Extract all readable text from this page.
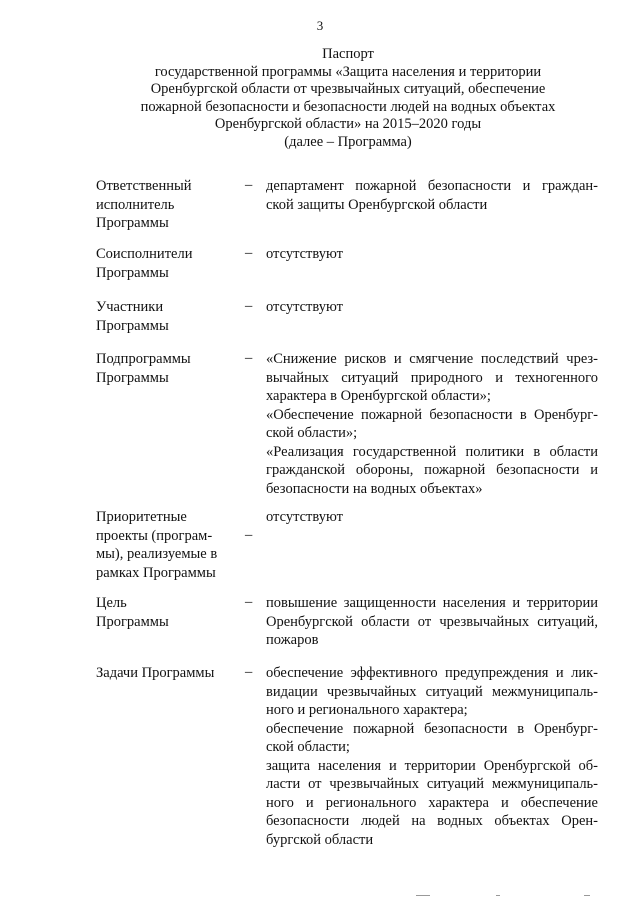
3
Паспорт
государственной программы «Защита населения и территории
Оренбургской области от чрезвычайных ситуаций, обеспечение
пожарной безопасности и безопасности людей на водных объектах
Оренбургской области» на 2015–2020 годы
(далее – Программа)
Ответственный
исполнитель
Программы
– департамент пожарной безопасности и граждан-
ской защиты Оренбургской области
Соисполнители
Программы
– отсутствуют
Участники
Программы
– отсутствуют
Подпрограммы
Программы
– «Снижение рисков и смягчение последствий чрез-
вычайных ситуаций природного и техногенного
характера в Оренбургской области»;
«Обеспечение пожарной безопасности в Оренбург-
ской области»;
«Реализация государственной политики в области
гражданской обороны, пожарной безопасности и
безопасности на водных объектах»
Приоритетные
проекты (програм-
мы), реализуемые в
рамках Программы
–
отсутствуют
Цель
Программы
– повышение защищенности населения и территории
Оренбургской области от чрезвычайных ситуаций,
пожаров
Задачи Программы	– обеспечение эффективного предупреждения и лик-
видации чрезвычайных ситуаций межмуниципаль-
ного и регионального характера;
обеспечение пожарной безопасности в Оренбург-
ской области;
защита населения и территории Оренбургской об-
ласти от чрезвычайных ситуаций межмуниципаль-
ного и регионального характера и обеспечение
безопасности людей на водных объектах Орен-
бургской области
